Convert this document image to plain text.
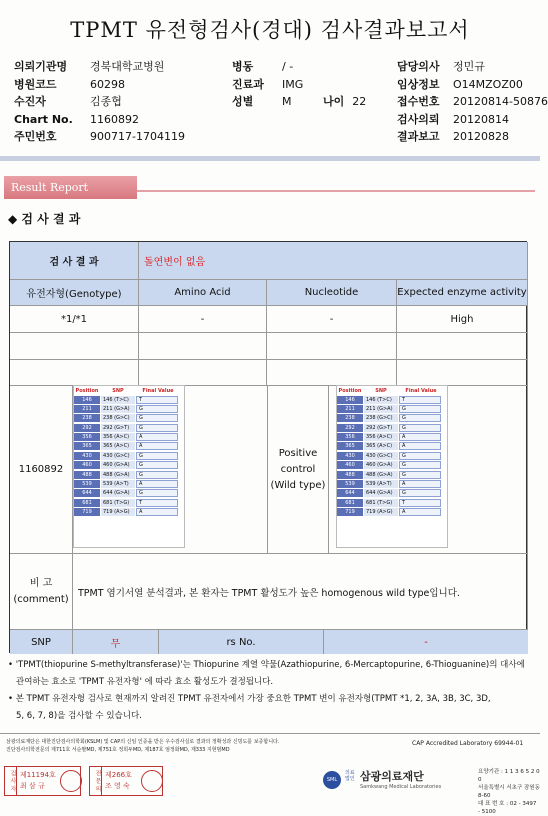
TPMT 유전형검사(경대) 검사결과보고서
의뢰기관명	경북대학교병원
병원코드	60298
수진자	김종협
Chart No.	1160892
주민번호	900717-1704119
병동	/ -
진료과	IMG
성별	M	나이 22
담당의사	정민규
임상정보	O14MZOZ00
접수번호	20120814-50876
검사의뢰	20120814
결과보고	20120828
Result Report
◆ 검 사 결 과
검 사 결 과	돌연변이 없음
유전자형(Genotype)	Amino Acid	Nucleotide	Expected enzyme activity
*1/*1	-	-	High
1160892
Positive control (Wild type)
비 고 (comment)
TPMT 염기서열 분석결과, 본 환자는 TPMT 활성도가 높은 homogenous wild type입니다.
SNP	무	rs No.	-
Position	SNP	Final Value
146	146 (T>C)	T
211	211 (G>A)	G
238	238 (G>C)	G
292	292 (G>T)	G
356	356 (A>C)	A
365	365 (A>C)	A
430	430 (G>C)	G
460	460 (G>A)	G
488	488 (G>A)	G
539	539 (A>T)	A
644	644 (G>A)	G
681	681 (T>G)	T
719	719 (A>G)	A
Position	SNP	Final Value
146	146 (T>C)	T
211	211 (G>A)	G
238	238 (G>C)	G
292	292 (G>T)	G
356	356 (A>C)	A
365	365 (A>C)	A
430	430 (G>C)	G
460	460 (G>A)	G
488	488 (G>A)	G
539	539 (A>T)	A
644	644 (G>A)	G
681	681 (T>G)	T
719	719 (A>G)	A
• 'TPMT(thiopurine S-methyltransferase)'는 Thiopurine 계열 약물(Azathiopurine, 6-Mercaptopurine, 6-Thioguanine)의 대사에
관여하는 효소로 'TPMT 유전자형' 에 따라 효소 활성도가 결정됩니다.
• 본 TPMT 유전자형 검사로 현재까지 알려진 TPMT 유전자에서 가장 중요한 TPMT 변이 유전자형(TPMT *1, 2, 3A, 3B, 3C, 3D,
5, 6, 7, 8)을 검사할 수 있습니다.
삼광의료재단은 대한진단검사의학회(KSLM) 및 CAP의 신임 인증을 받은 우수검사실로 결과의 정확성과 신빙도를 보증합니다.
진단검사의학전문의 제711호 서순팔MD, 제751호 정희두MD, 제187호 엄정화MD, 제333 지현범MD
CAP Accredited Laboratory 69944-01
검 사 자 제11194호
최 삼 규	전 문 의 제266호
조 영 숙
SML
의료 법인 삼광의료재단
Samkwang Medical Laboratories
요양기관 : 1 1 3 6 5 2 0 0
서울특별시 서초구 잠원동 8-60
대 표 번 호 : 02 - 3497 - 5100
